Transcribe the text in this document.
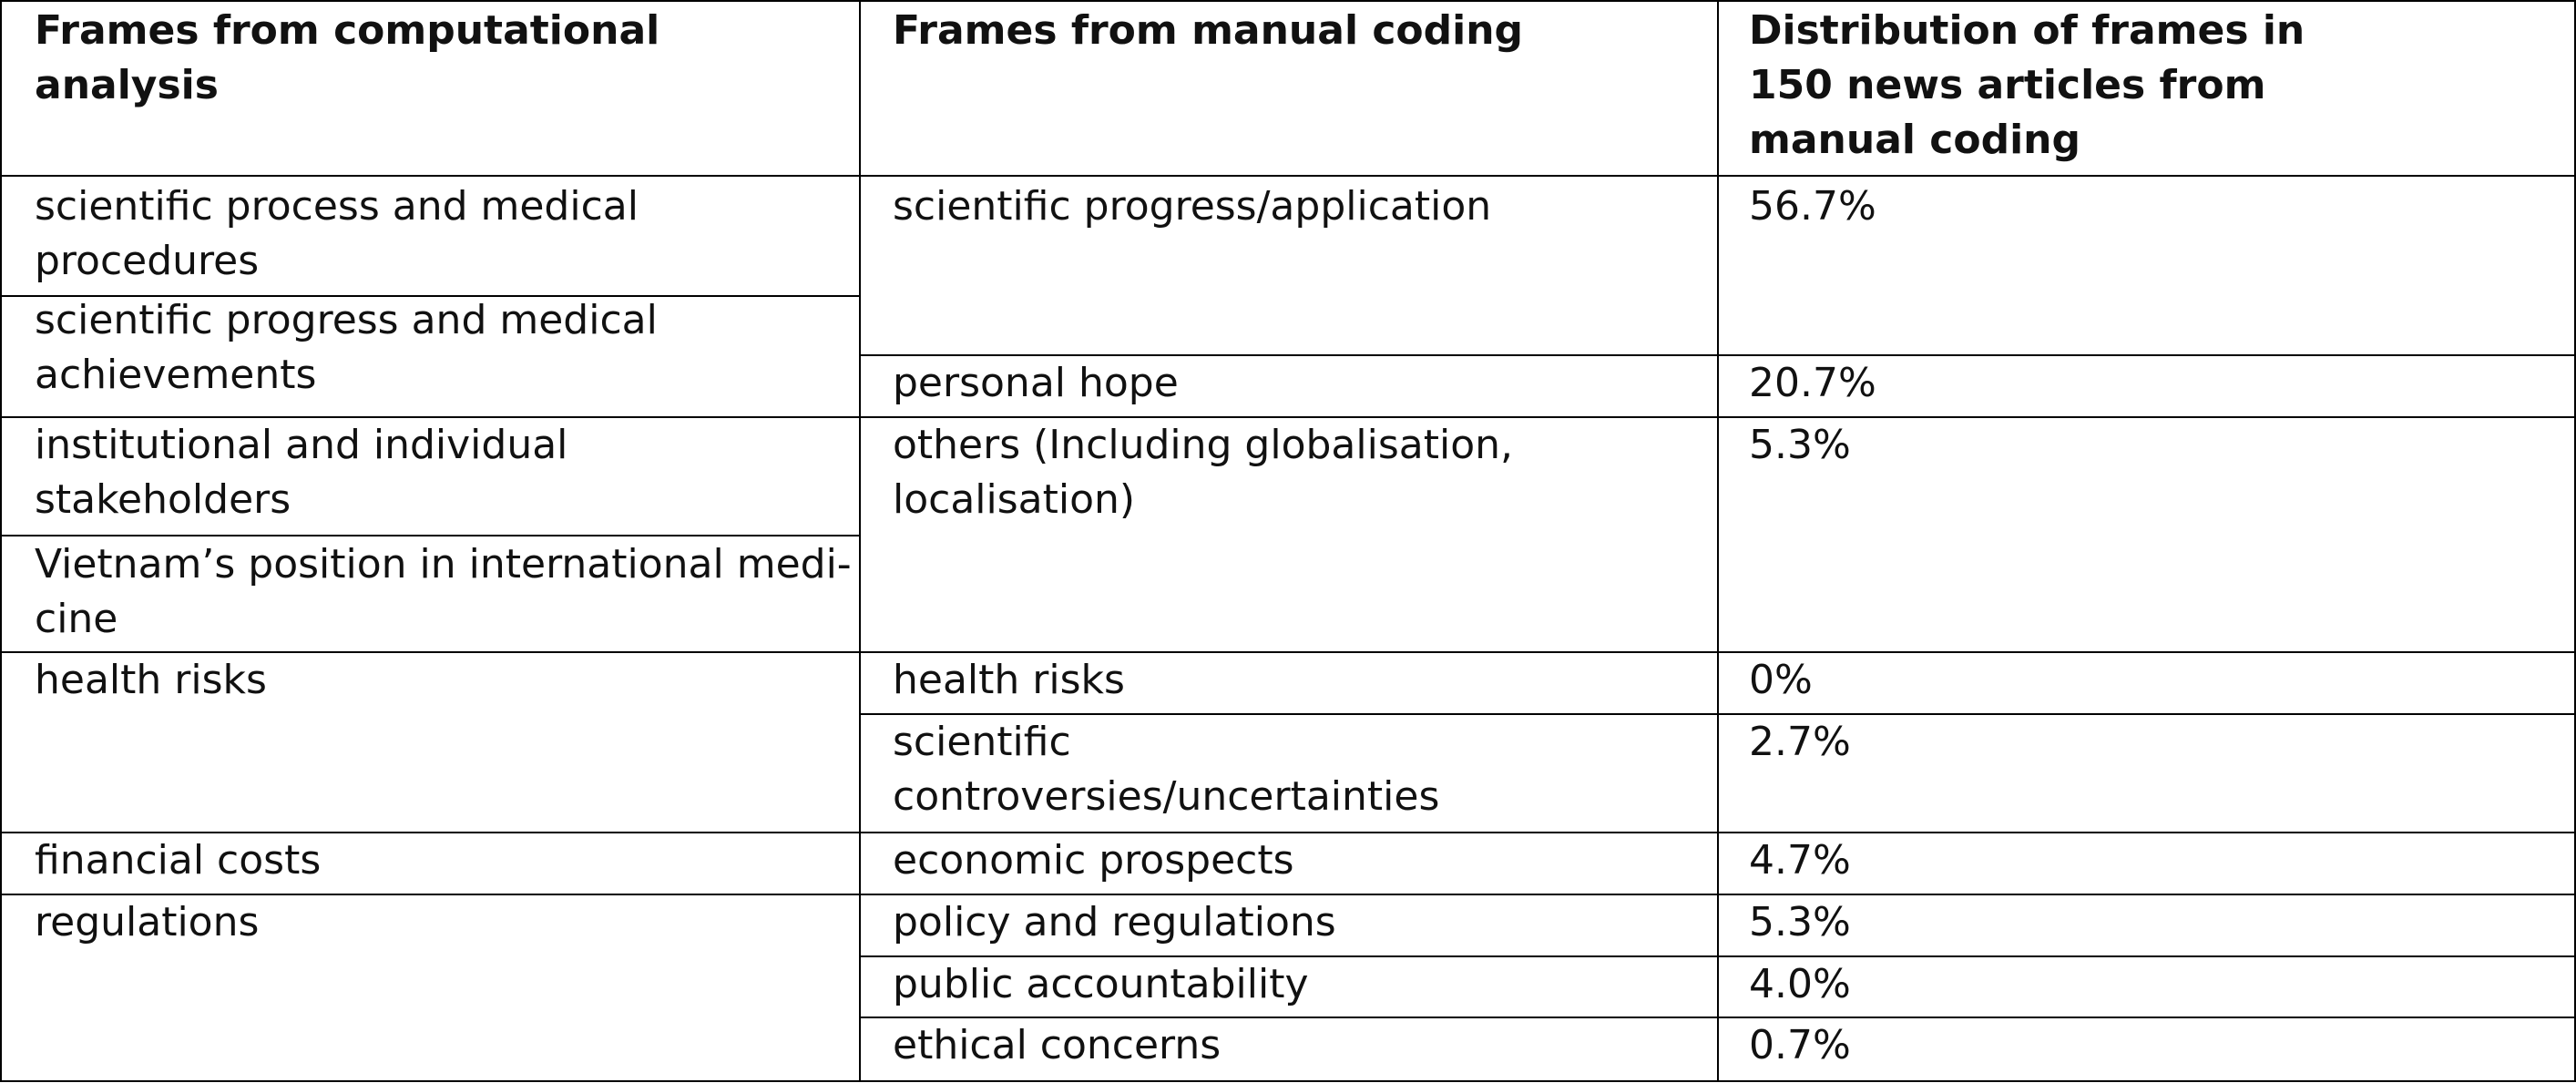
Frames from computational
analysis
Frames from manual coding	Distribution of frames in
150 news articles from
manual coding
scientific process and medical
procedures
scientific progress and medical
achievements
institutional and individual
stakeholders
Vietnam’s position in international medi-
cine
health risks
financial costs
regulations
scientific progress/application
personal hope
others (Including globalisation,
localisation)
health risks
scientific
controversies/uncertainties
economic prospects
policy and regulations
public accountability
ethical concerns
56.7%
20.7%
5.3%
0%
2.7%
4.7%
5.3%
4.0%
0.7%
